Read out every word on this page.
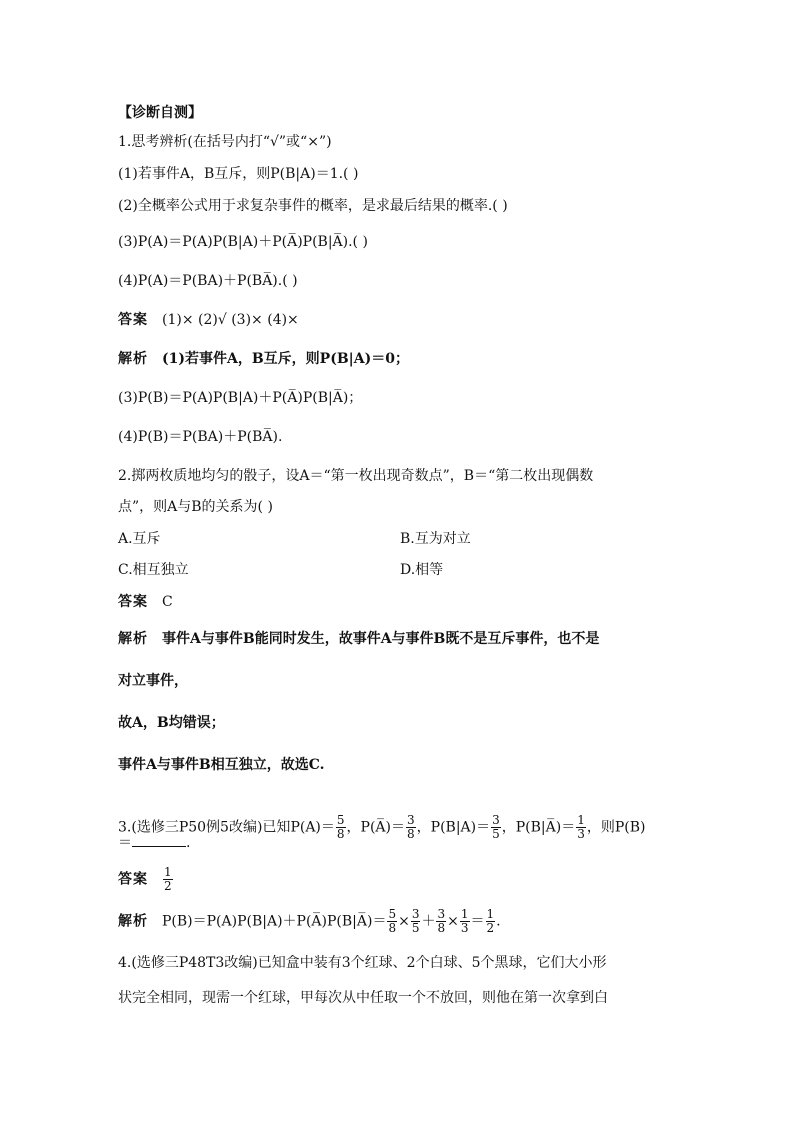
【诊断自测】
1.思考辨析(在括号内打“√”或“×”)
(1)若事件A，B互斥，则P(B|A)＝1.( )
(2)全概率公式用于求复杂事件的概率，是求最后结果的概率.( )
(3)P(A)＝P(A)P(B|A)＋P(A̅)P(B|A̅).( )
(4)P(A)＝P(BA)＋P(BA̅).( )
答案 (1)× (2)√ (3)× (4)×
解析 (1)若事件A，B互斥，则P(B|A)＝0；
(3)P(B)＝P(A)P(B|A)＋P(A̅)P(B|A̅)；
(4)P(B)＝P(BA)＋P(BA̅).
2.掷两枚质地均匀的骰子，设A＝“第一枚出现奇数点”，B＝“第二枚出现偶数
点”，则A与B的关系为( )
A.互斥	B.互为对立
C.相互独立	D.相等
答案 C
解析 事件A与事件B能同时发生，故事件A与事件B既不是互斥事件，也不是
对立事件，
故A，B均错误；
事件A与事件B相互独立，故选C.
3.(选修三P50例5改编)已知$P(A)= \frac{5}{8}$ ，P(A̅)＝ $\frac{3}{8}$ ，$P(B|A)= \frac{3}{5}$ ，P(B|A̅)＝ $\frac{1}{3}$ ，则P(B)
＝	.
答案 $\frac{1}{2}$
解析 P(B)＝P(A)P(B|A)＋P(A̅)P(B|A̅)＝ $\frac{5}{8} \times \frac{3}{5} + \frac{3}{8} \times \frac{1}{3} = \frac{1}{2}$ .
4.(选修三P48T3改编)已知盒中装有3个红球、2个白球、5个黑球，它们大小形
状完全相同，现需一个红球，甲每次从中任取一个不放回，则他在第一次拿到白
